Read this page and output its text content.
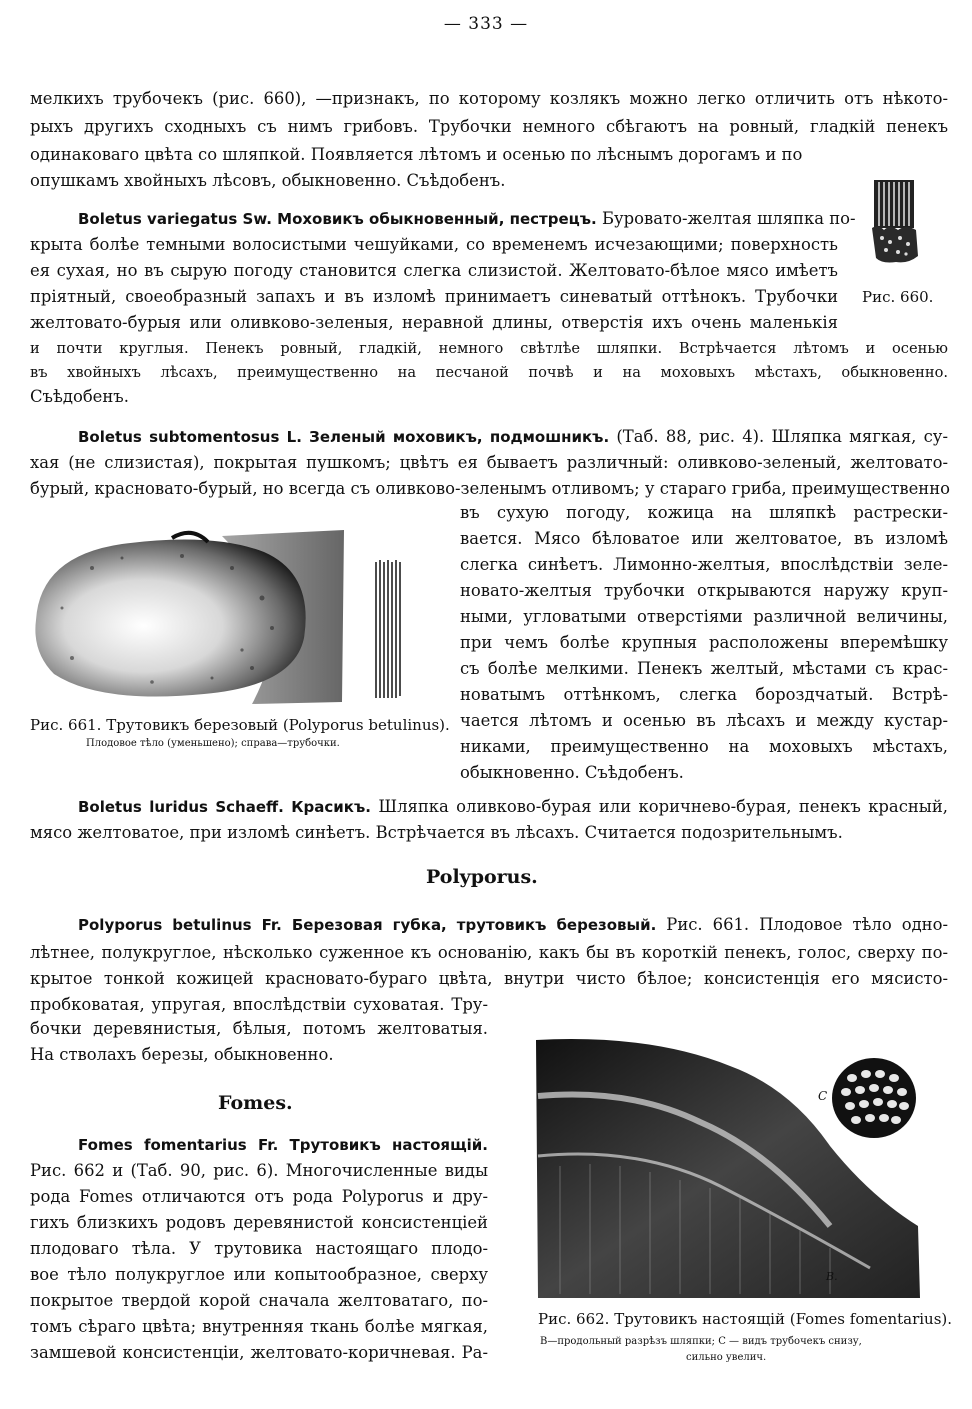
— 333 —
мелкихъ трубочекъ (рис. 660), —признакъ, по которому козлякъ можно легко отличить отъ нѣкото-
рыхъ другихъ сходныхъ съ нимъ грибовъ. Трубочки немного сбѣгаютъ на ровный, гладкій пенекъ
одинаковаго цвѣта со шляпкой. Появляется лѣтомъ и осенью по лѣснымъ дорогамъ и по
опушкамъ хвойныхъ лѣсовъ, обыкновенно. Съѣдобенъ.
Boletus variegatus Sw. Моховикъ обыкновенный, пестрецъ. Буровато-желтая шляпка по-
крыта болѣе темными волосистыми чешуйками, со временемъ исчезающими; поверхность
ея сухая, но въ сырую погоду становится слегка слизистой. Желтовато-бѣлое мясо имѣетъ
пріятный, своеобразный запахъ и въ изломѣ принимаетъ синеватый оттѣнокъ. Трубочки
желтовато-бурыя или оливково-зеленыя, неравной длины, отверстія ихъ очень маленькія
и почти круглыя. Пенекъ ровный, гладкій, немного свѣтлѣе шляпки. Встрѣчается лѣтомъ и осенью
въ хвойныхъ лѣсахъ, преимущественно на песчаной почвѣ и на моховыхъ мѣстахъ, обыкновенно.
Съѣдобенъ.
Рис. 660.
Boletus subtomentosus L. Зеленый моховикъ, подмошникъ. (Таб. 88, рис. 4). Шляпка мягкая, су-
хая (не слизистая), покрытая пушкомъ; цвѣтъ ея бываетъ различный: оливково-зеленый, желтовато-
бурый, красновато-бурый, но всегда съ оливково-зеленымъ отливомъ; у стараго гриба, преимущественно
въ сухую погоду, кожица на шляпкѣ растрески-
вается. Мясо бѣловатое или желтоватое, въ изломѣ
слегка синѣетъ. Лимонно-желтыя, впослѣдствіи зеле-
новато-желтыя трубочки открываются наружу круп-
ными, угловатыми отверстіями различной величины,
при чемъ болѣе крупныя расположены вперемѣшку
съ болѣе мелкими. Пенекъ желтый, мѣстами съ крас-
новатымъ оттѣнкомъ, слегка бороздчатый. Встрѣ-
чается лѣтомъ и осенью въ лѣсахъ и между кустар-
никами, преимущественно на моховыхъ мѣстахъ,
обыкновенно. Съѣдобенъ.
Рис. 661. Трутовикъ березовый (Polyporus betulinus).
Плодовое тѣло (уменьшено); справа—трубочки.
Boletus luridus Schaeff. Красикъ. Шляпка оливково-бурая или коричнево-бурая, пенекъ красный,
мясо желтоватое, при изломѣ синѣетъ. Встрѣчается въ лѣсахъ. Считается подозрительнымъ.
Polyporus.
Polyporus betulinus Fr. Березовая губка, трутовикъ березовый. Рис. 661. Плодовое тѣло одно-
лѣтнее, полукруглое, нѣсколько суженное къ основанію, какъ бы въ короткій пенекъ, голос, сверху по-
крытое тонкой кожицей красновато-бураго цвѣта, внутри чисто бѣлое; консистенція его мясисто-
пробковатая, упругая, впослѣдствіи суховатая. Тру-
бочки деревянистыя, бѣлыя, потомъ желтоватыя.
На стволахъ березы, обыкновенно.
Fomes.
Fomes fomentarius Fr. Трутовикъ настоящій.
Рис. 662 и (Таб. 90, рис. 6). Многочисленные виды
рода Fomes отличаются отъ рода Polyporus и дру-
гихъ близкихъ родовъ деревянистой консистенціей
плодоваго тѣла. У трутовика настоящаго плодо-
вое тѣло полукруглое или копытообразное, сверху
покрытое твердой корой сначала желтоватаго, по-
томъ сѣраго цвѣта; внутренняя ткань болѣе мягкая,
замшевой консистенціи, желтовато-коричневая. Ра-
C
B.
Рис. 662. Трутовикъ настоящій (Fomes fomentarius).
B—продольный разрѣзъ шляпки; C — видъ трубочекъ снизу,
сильно увелич.
